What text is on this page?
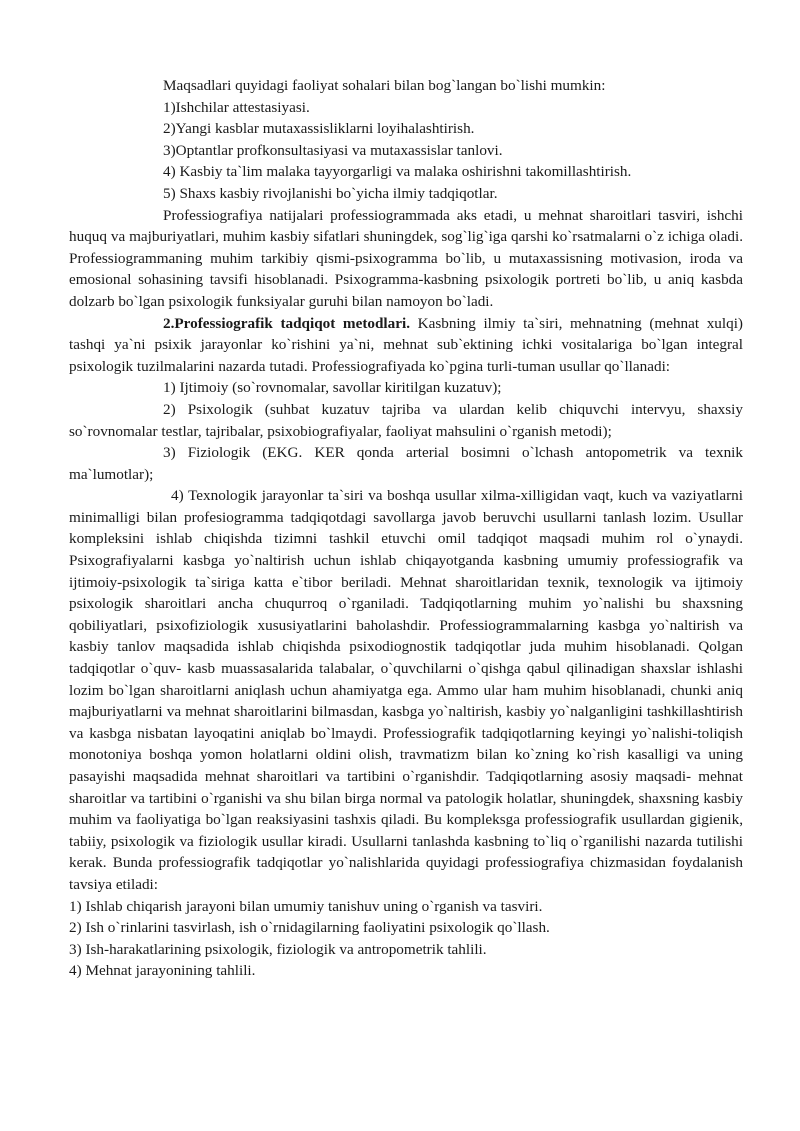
Maqsadlari quyidagi faoliyat sohalari bilan bog`langan bo`lishi mumkin:

1)Ishchilar attestasiyasi.

2)Yangi kasblar mutaxassisliklarni loyihalashtirish.

3)Optantlar profkonsultasiyasi va mutaxassislar tanlovi.

4) Kasbiy ta`lim malaka tayyorgarligi va malaka oshirishni takomillashtirish.

5) Shaxs kasbiy rivojlanishi bo`yicha ilmiy tadqiqotlar.

Professiografiya natijalari professiogrammada aks etadi, u mehnat sharoitlari tasviri, ishchi huquq va majburiyatlari, muhim kasbiy sifatlari shuningdek, sog`lig`iga qarshi ko`rsatmalarni o`z ichiga oladi. Professiogrammaning muhim tarkibiy qismi-psixogramma bo`lib, u mutaxassisning motivasion, iroda va emosional sohasining tavsifi hisoblanadi. Psixogramma-kasbning psixologik portreti bo`lib, u aniq kasbda dolzarb bo`lgan psixologik funksiyalar guruhi bilan namoyon bo`ladi.

2.Professiografik tadqiqot metodlari. Kasbning ilmiy ta`siri, mehnatning (mehnat xulqi) tashqi ya`ni psixik jarayonlar ko`rishini ya`ni, mehnat sub`ektining ichki vositalariga bo`lgan integral psixologik tuzilmalarini nazarda tutadi. Professiografiyada ko`pgina turli-tuman usullar qo`llanadi:

1) Ijtimoiy (so`rovnomalar, savollar kiritilgan kuzatuv);

2) Psixologik (suhbat kuzatuv tajriba va ulardan kelib chiquvchi intervyu, shaxsiy so`rovnomalar testlar, tajribalar, psixobiografiyalar, faoliyat mahsulini o`rganish metodi);

3) Fiziologik (EKG. KER qonda arterial bosimni o`lchash antopometrik va texnik ma`lumotlar);

4) Texnologik jarayonlar ta`siri va boshqa usullar xilma-xilligidan vaqt, kuch va vaziyatlarni minimalligi bilan profesiogramma tadqiqotdagi savollarga javob beruvchi usullarni tanlash lozim. Usullar kompleksini ishlab chiqishda tizimni tashkil etuvchi omil tadqiqot maqsadi muhim rol o`ynaydi. Psixografiyalarni kasbga yo`naltirish uchun ishlab chiqayotganda kasbning umumiy professiografik va ijtimoiy-psixologik ta`siriga katta e`tibor beriladi. Mehnat sharoitlaridan texnik, texnologik va ijtimoiy psixologik sharoitlari ancha chuqurroq o`rganiladi. Tadqiqotlarning muhim yo`nalishi bu shaxsning qobiliyatlari, psixofiziologik xususiyatlarini baholashdir. Professiogrammalarning kasbga yo`naltirish va kasbiy tanlov maqsadida ishlab chiqishda psixodiognostik tadqiqotlar juda muhim hisoblanadi. Qolgan tadqiqotlar o`quv- kasb muassasalarida talabalar, o`quvchilarni o`qishga qabul qilinadigan shaxslar ishlashi lozim bo`lgan sharoitlarni aniqlash uchun ahamiyatga ega. Ammo ular ham muhim hisoblanadi, chunki aniq majburiyatlarni va mehnat sharoitlarini bilmasdan, kasbga yo`naltirish, kasbiy yo`nalganligini tashkillashtirish va kasbga nisbatan layoqatini aniqlab bo`lmaydi. Professiografik tadqiqotlarning keyingi yo`nalishi-toliqish monotoniya boshqa yomon holatlarni oldini olish, travmatizm bilan ko`zning ko`rish kasalligi va uning pasayishi maqsadida mehnat sharoitlari va tartibini o`rganishdir. Tadqiqotlarning asosiy maqsadi- mehnat sharoitlar va tartibini o`rganishi va shu bilan birga normal va patologik holatlar, shuningdek, shaxsning kasbiy muhim va faoliyatiga bo`lgan reaksiyasini tashxis qiladi. Bu kompleksga professiografik usullardan gigienik, tabiiy, psixologik va fiziologik usullar kiradi. Usullarni tanlashda kasbning to`liq o`rganilishi nazarda tutilishi kerak. Bunda professiografik tadqiqotlar yo`nalishlarida quyidagi professiografiya chizmasidan foydalanish tavsiya etiladi:

1) Ishlab chiqarish jarayoni bilan umumiy tanishuv uning o`rganish va tasviri.

2) Ish o`rinlarini tasvirlash, ish o`rnidagilarning faoliyatini psixologik qo`llash.

3) Ish-harakatlarining psixologik, fiziologik va antropometrik tahlili.

4) Mehnat jarayonining tahlili.
